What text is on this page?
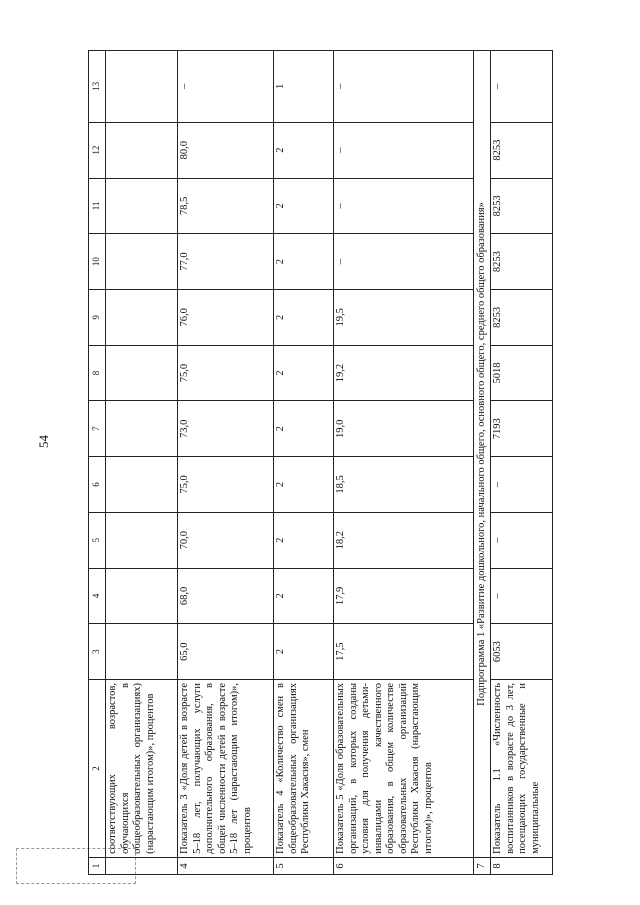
54
1	2	3	4	5	6	7	8	9	10	11	12	13
	соответствующих возрастов, обучающихся в общеобразовательных организациях) (нарастающим итогом)», процентов											
4	Показатель 3 «Доля детей в возрасте 5–18 лет, получающих услуги дополнительного образования, в общей численности детей в возрасте 5–18 лет (нарастающим итогом)», процентов	65,0	68,0	70,0	75,0	73,0	75,0	76,0	77,0	78,5	80,0	–
5	Показатель 4 «Количество смен в общеобразовательных организациях Республики Хакасия», смен	2	2	2	2	2	2	2	2	2	2	1
6	Показатель 5 «Доля образовательных организаций, в которых созданы условия для получения детьми-инвалидами качественного образования, в общем количестве образовательных организаций Республики Хакасия (нарастающим итогом)», процентов	17,5	17,9	18,2	18,5	19,0	19,2	19,5	–	–	–	–
7	Подпрограмма 1 «Развитие дошкольного, начального общего, основного общего, среднего общего образования»											
8	Показатель 1.1 «Численность воспитанников в возрасте до 3 лет, посещающих государственные и муниципальные	6053	–	–	–	7193	5018	8253	8253	8253	8253	–
